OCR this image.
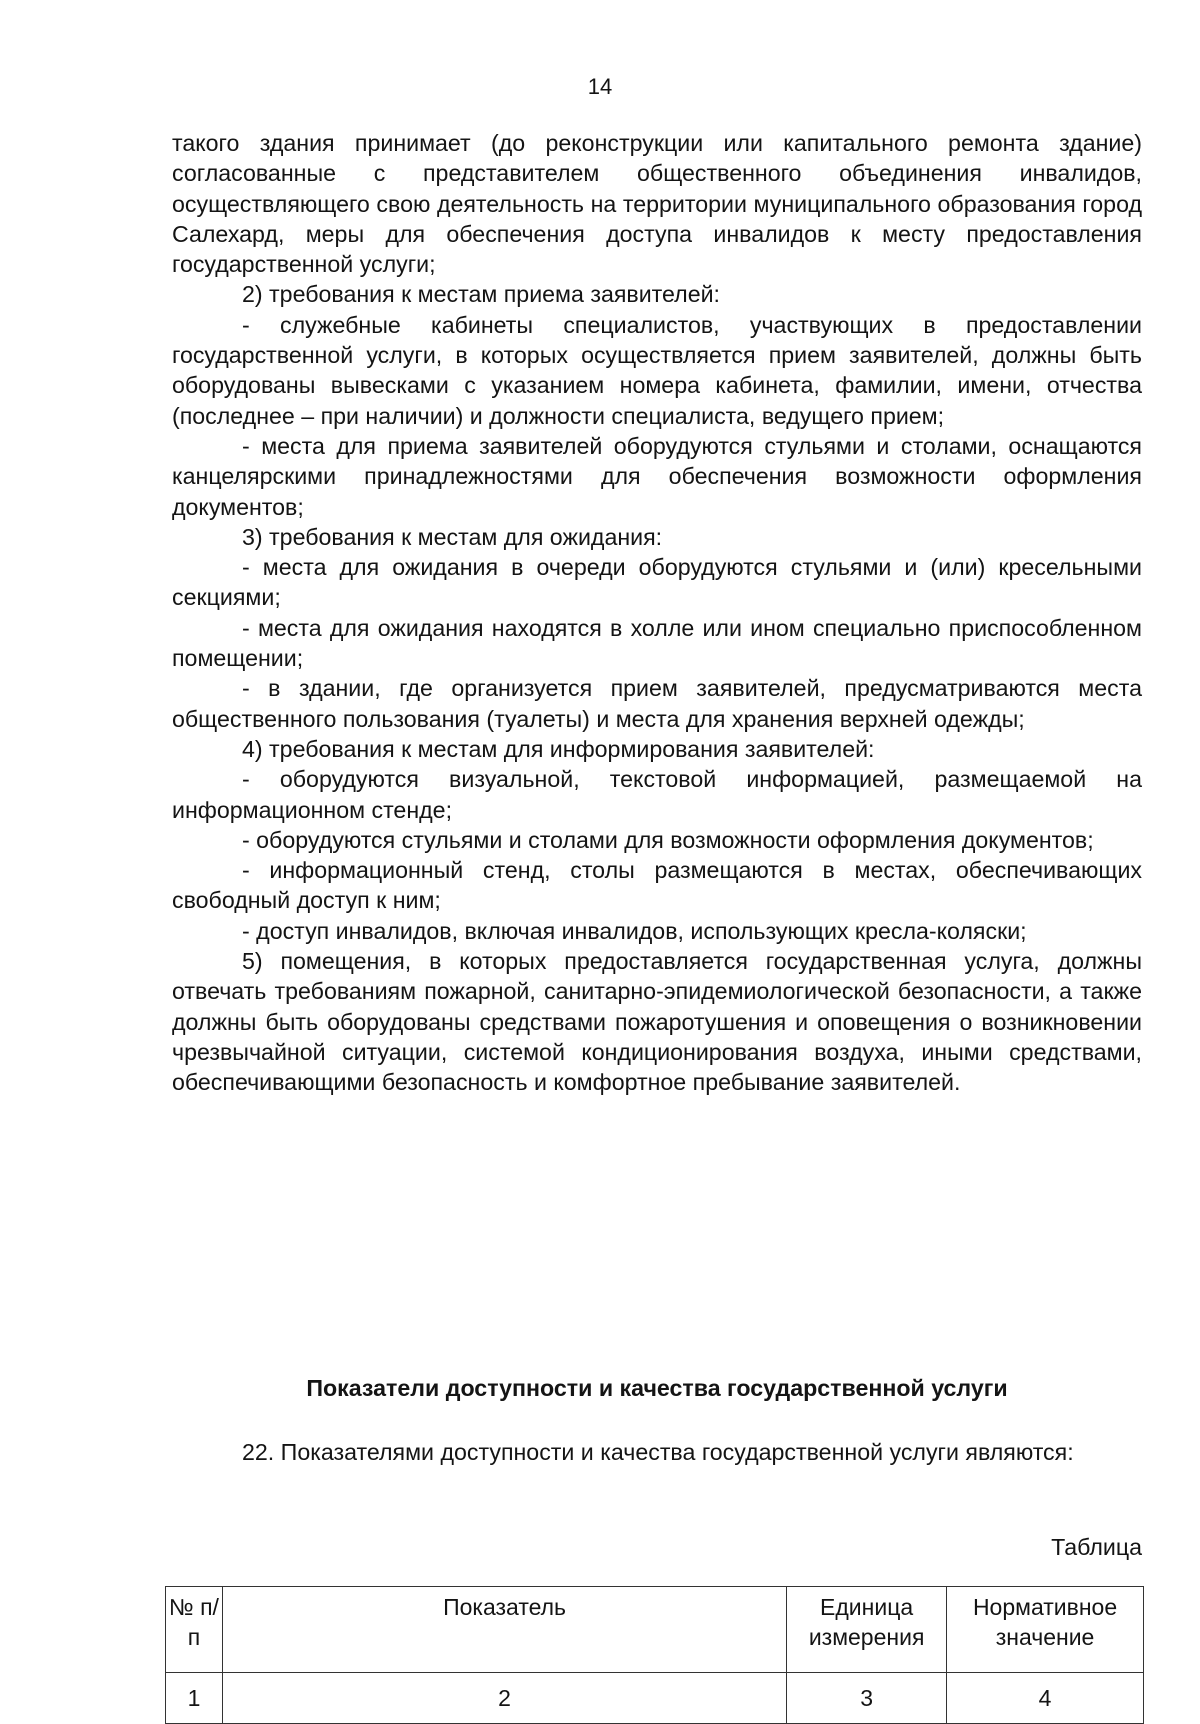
14

такого здания принимает (до реконструкции или капитального ремонта здание) согласованные с представителем общественного объединения инвалидов, осуществляющего свою деятельность на территории муниципального образования город Салехард, меры для обеспечения доступа инвалидов к месту предоставления государственной услуги;

2) требования к местам приема заявителей:

- служебные кабинеты специалистов, участвующих в предоставлении государственной услуги, в которых осуществляется прием заявителей, должны быть оборудованы вывесками с указанием номера кабинета, фамилии, имени, отчества (последнее – при наличии) и должности специалиста, ведущего прием;

- места для приема заявителей оборудуются стульями и столами, оснащаются канцелярскими принадлежностями для обеспечения возможности оформления документов;

3) требования к местам для ожидания:

- места для ожидания в очереди оборудуются стульями и (или) кресельными секциями;

- места для ожидания находятся в холле или ином специально приспособленном помещении;

- в здании, где организуется прием заявителей, предусматриваются места общественного пользования (туалеты) и места для хранения верхней одежды;

4) требования к местам для информирования заявителей:

- оборудуются визуальной, текстовой информацией, размещаемой на информационном стенде;

- оборудуются стульями и столами для возможности оформления документов;

- информационный стенд, столы размещаются в местах, обеспечивающих свободный доступ к ним;

- доступ инвалидов, включая инвалидов, использующих кресла-коляски;

5) помещения, в которых предоставляется государственная услуга, должны отвечать требованиям пожарной, санитарно-эпидемиологической безопасности, а также должны быть оборудованы средствами пожаротушения и оповещения о возникновении чрезвычайной ситуации, системой кондиционирования воздуха, иными средствами, обеспечивающими безопасность и комфортное пребывание заявителей.

Показатели доступности и качества государственной услуги

22. Показателями доступности и качества государственной услуги являются:

Таблица
№ п/п	Показатель	Единица измерения	Нормативное значение
1	2	3	4
